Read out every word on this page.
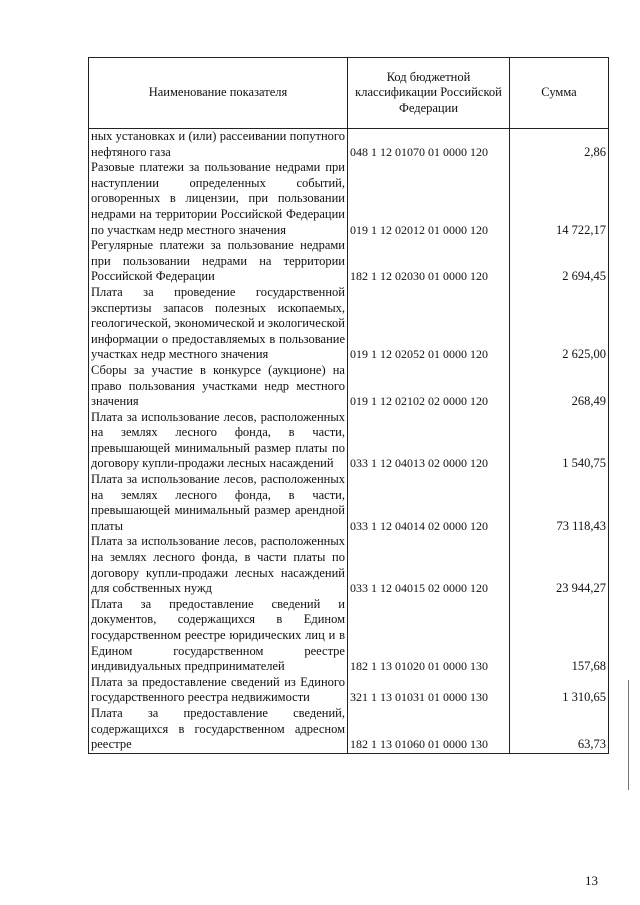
Наименование показателя	Код бюджетной классификации Российской Федерации	Сумма
ных установках и (или) рассеивании попутного нефтяного газа	048 1 12 01070 01 0000 120	2,86
Разовые платежи за пользование недрами при наступлении определенных событий, оговоренных в лицензии, при пользовании недрами на территории Российской Федерации по участкам недр местного значения	019 1 12 02012 01 0000 120	14 722,17
Регулярные платежи за пользование недрами при пользовании недрами на территории Российской Федерации	182 1 12 02030 01 0000 120	2 694,45
Плата за проведение государственной экспертизы запасов полезных ископаемых, геологической, экономической и экологической информации о предоставляемых в пользование участках недр местного значения	019 1 12 02052 01 0000 120	2 625,00
Сборы за участие в конкурсе (аукционе) на право пользования участками недр местного значения	019 1 12 02102 02 0000 120	268,49
Плата за использование лесов, расположенных на землях лесного фонда, в части, превышающей минимальный размер платы по договору купли-продажи лесных насаждений	033 1 12 04013 02 0000 120	1 540,75
Плата за использование лесов, расположенных на землях лесного фонда, в части, превышающей минимальный размер арендной платы	033 1 12 04014 02 0000 120	73 118,43
Плата за использование лесов, расположенных на землях лесного фонда, в части платы по договору купли-продажи лесных насаждений для собственных нужд	033 1 12 04015 02 0000 120	23 944,27
Плата за предоставление сведений и документов, содержащихся в Едином государственном реестре юридических лиц и в Едином государственном реестре индивидуальных предпринимателей	182 1 13 01020 01 0000 130	157,68
Плата за предоставление сведений из Единого государственного реестра недвижимости	321 1 13 01031 01 0000 130	1 310,65
Плата за предоставление сведений, содержащихся в государственном адресном реестре	182 1 13 01060 01 0000 130	63,73
13
